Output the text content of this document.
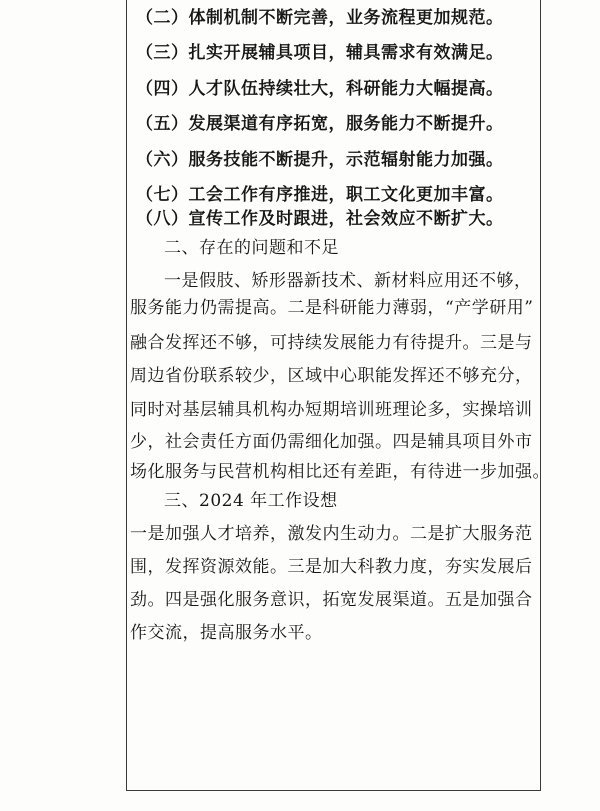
（二）体制机制不断完善，业务流程更加规范。
（三）扎实开展辅具项目，辅具需求有效满足。
（四）人才队伍持续壮大，科研能力大幅提高。
（五）发展渠道有序拓宽，服务能力不断提升。
（六）服务技能不断提升，示范辐射能力加强。
（七）工会工作有序推进，职工文化更加丰富。
（八）宣传工作及时跟进，社会效应不断扩大。
二、存在的问题和不足
一是假肢、矫形器新技术、新材料应用还不够，
服务能力仍需提高。二是科研能力薄弱，“产学研用”
融合发挥还不够，可持续发展能力有待提升。三是与
周边省份联系较少，区域中心职能发挥还不够充分，
同时对基层辅具机构办短期培训班理论多，实操培训
少，社会责任方面仍需细化加强。四是辅具项目外市
场化服务与民营机构相比还有差距，有待进一步加强。
三、2024 年工作设想
一是加强人才培养，激发内生动力。二是扩大服务范
围，发挥资源效能。三是加大科教力度，夯实发展后
劲。四是强化服务意识，拓宽发展渠道。五是加强合
作交流，提高服务水平。
